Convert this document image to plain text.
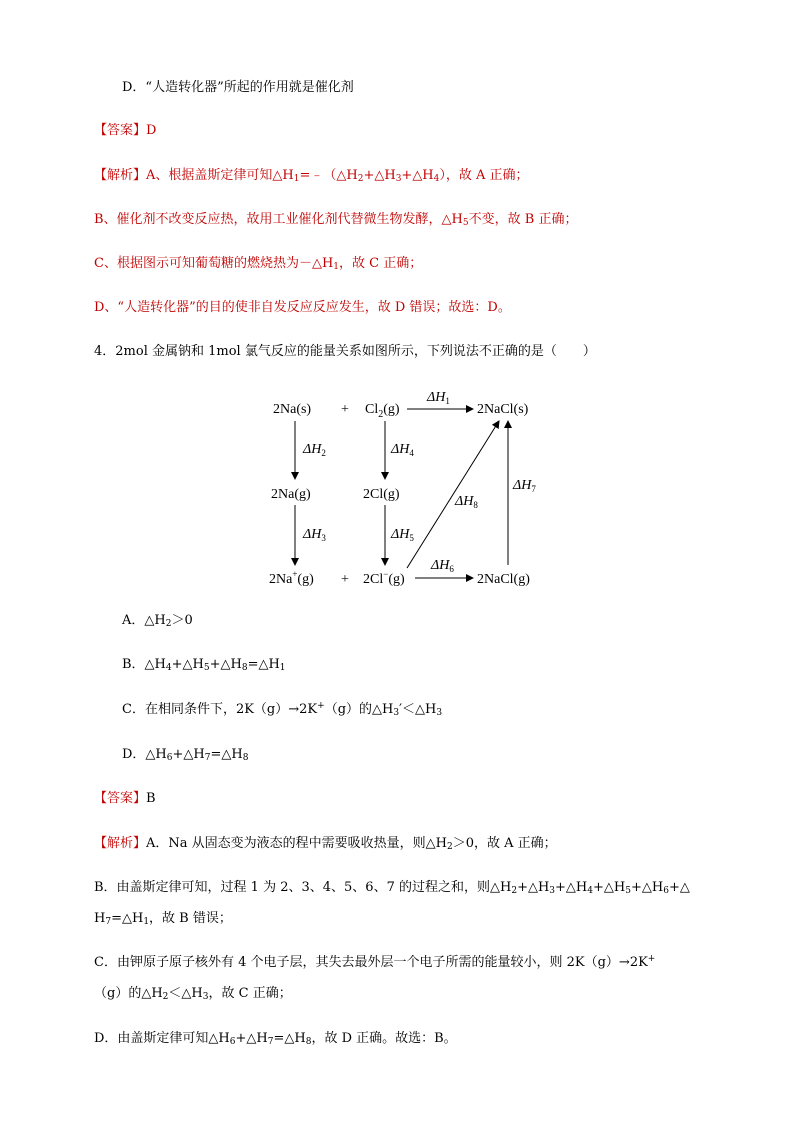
D．“人造转化器”所起的作用就是催化剂
【答案】D
【解析】A、根据盖斯定律可知$\triangle H_1=﹣(\triangle H_2+\triangle H_3+\triangle H_4)$，故 A 正确；
B、催化剂不改变反应热，故用工业催化剂代替微生物发酵，$\triangle H_5$不变，故 B 正确；
C、根据图示可知葡萄糖的燃烧热为$-\triangle H_1$，故 C 正确；
D、“人造转化器”的目的使非自发反应反应发生，故 D 错误；故选：D。
4．2mol 金属钠和 1mol 氯气反应的能量关系如图所示，下列说法不正确的是（　　）
$2Na(s) + Cl_2(g)$	2NaCl(s)
$\Delta H_1$
$\Delta H_2$
2Na(g)
$\Delta H_3$
$\Delta H_4$
2Cl(g)
$\Delta H_5$
2Na+(g) + 2Cl−(g)	2NaCl(g)
$\Delta H_6$
$\Delta H_8$
$\Delta H_7$
A．$\triangle H_2>0$
B．$\triangle H_4+\triangle H_5+\triangle H_8=\triangle H_1$
C．在相同条件下，2K（g）→2K+（g）的$\triangle H_3'<\triangle H_3$
D．$\triangle H_6+\triangle H_7=\triangle H_8$
【答案】B
【解析】A．Na 从固态变为液态的程中需要吸收热量，则$\triangle H_2>0$，故 A 正确；
B．由盖斯定律可知，过程 1 为 2、3、4、5、6、7 的过程之和，则$\triangle H_2+\triangle H_3+\triangle H_4+\triangle H_5+\triangle H_6+\triangle$
$H_7=\triangle H_1$，故 B 错误；
C．由钾原子原子核外有 4 个电子层，其失去最外层一个电子所需的能量较小，则 2K（g）→2K+
（g）的$\triangle H_2<\triangle H_3$，故 C 正确；
D．由盖斯定律可知$\triangle H_6+\triangle H_7=\triangle H_8$，故 D 正确。故选：B。
